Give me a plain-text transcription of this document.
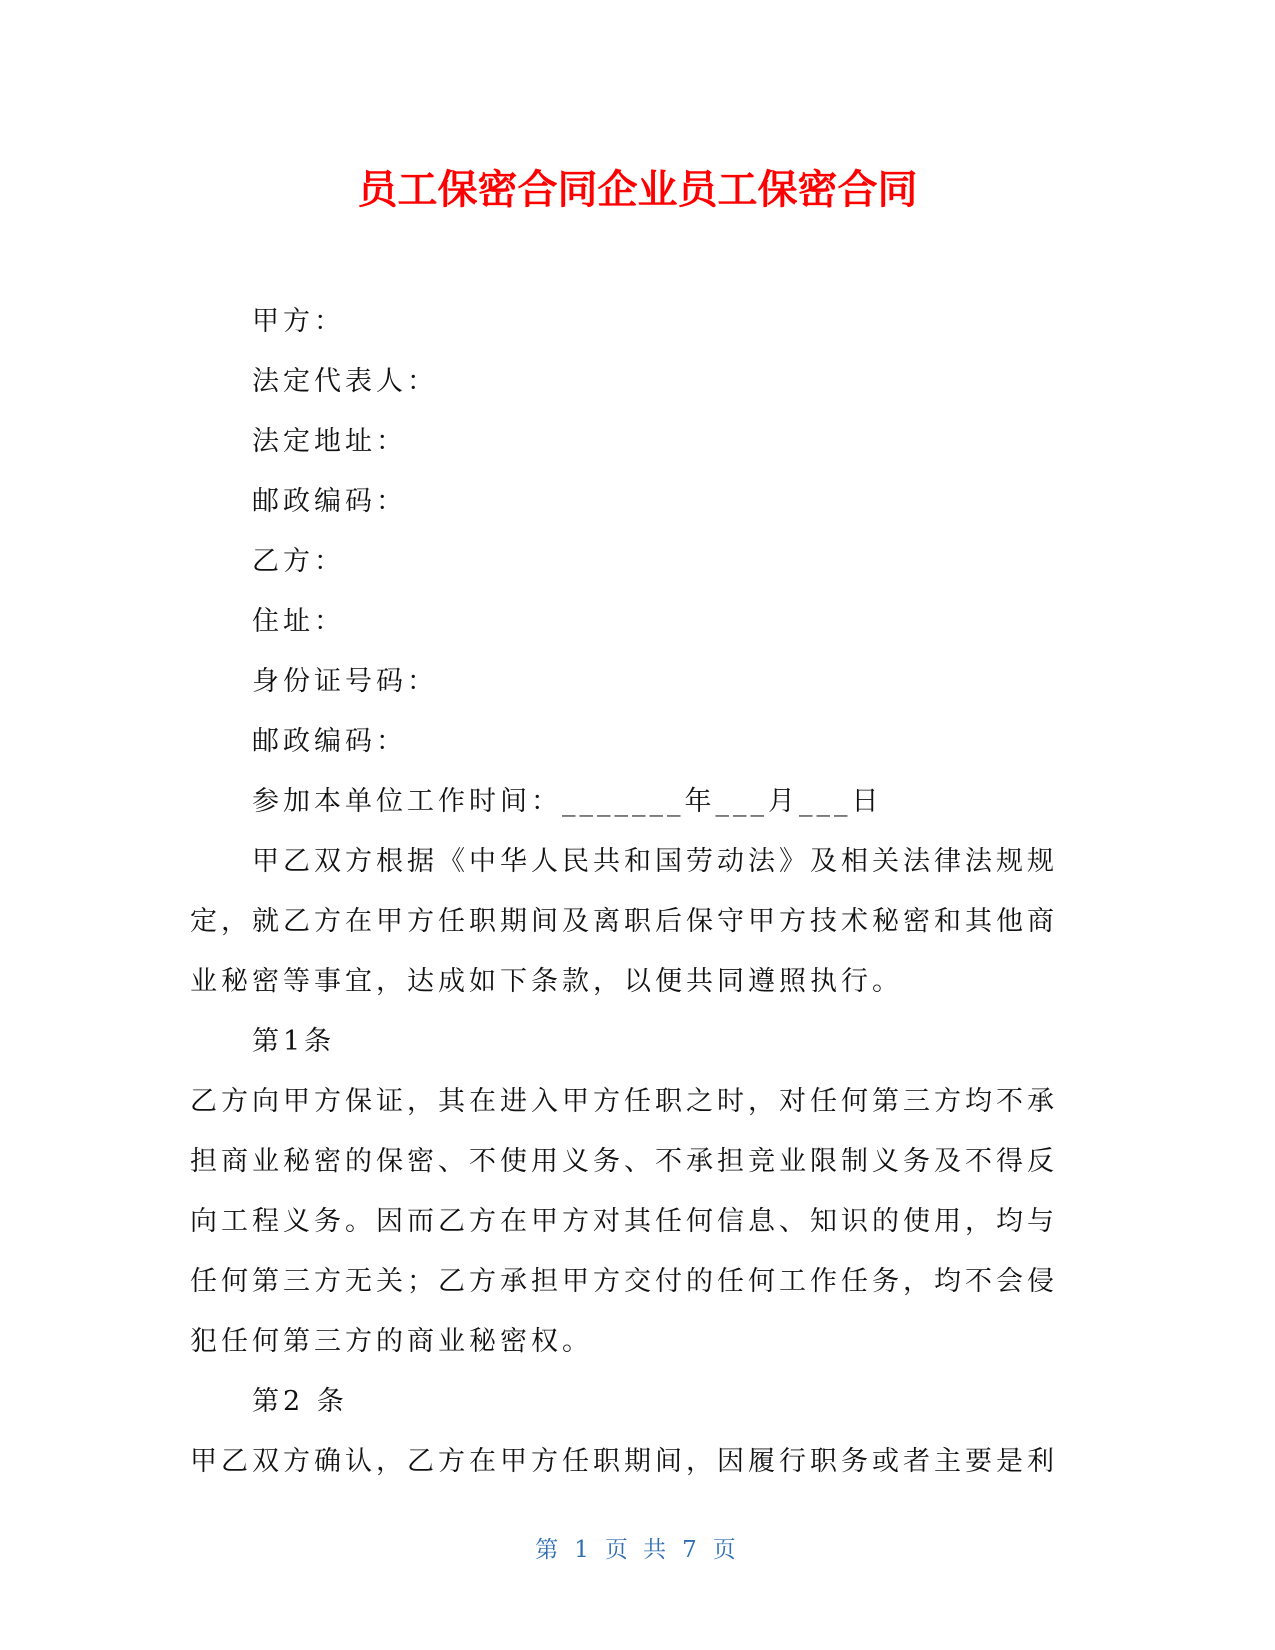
员工保密合同企业员工保密合同
甲方：
法定代表人：
法定地址：
邮政编码：
乙方：
住址：
身份证号码：
邮政编码：
参加本单位工作时间：_______年___月___日
甲乙双方根据《中华人民共和国劳动法》及相关法律法规规
定，就乙方在甲方任职期间及离职后保守甲方技术秘密和其他商
业秘密等事宜，达成如下条款，以便共同遵照执行。
第1条
乙方向甲方保证，其在进入甲方任职之时，对任何第三方均不承
担商业秘密的保密、不使用义务、不承担竞业限制义务及不得反
向工程义务。因而乙方在甲方对其任何信息、知识的使用，均与
任何第三方无关；乙方承担甲方交付的任何工作任务，均不会侵
犯任何第三方的商业秘密权。
第2 条
甲乙双方确认，乙方在甲方任职期间，因履行职务或者主要是利
第 1 页 共 7 页
